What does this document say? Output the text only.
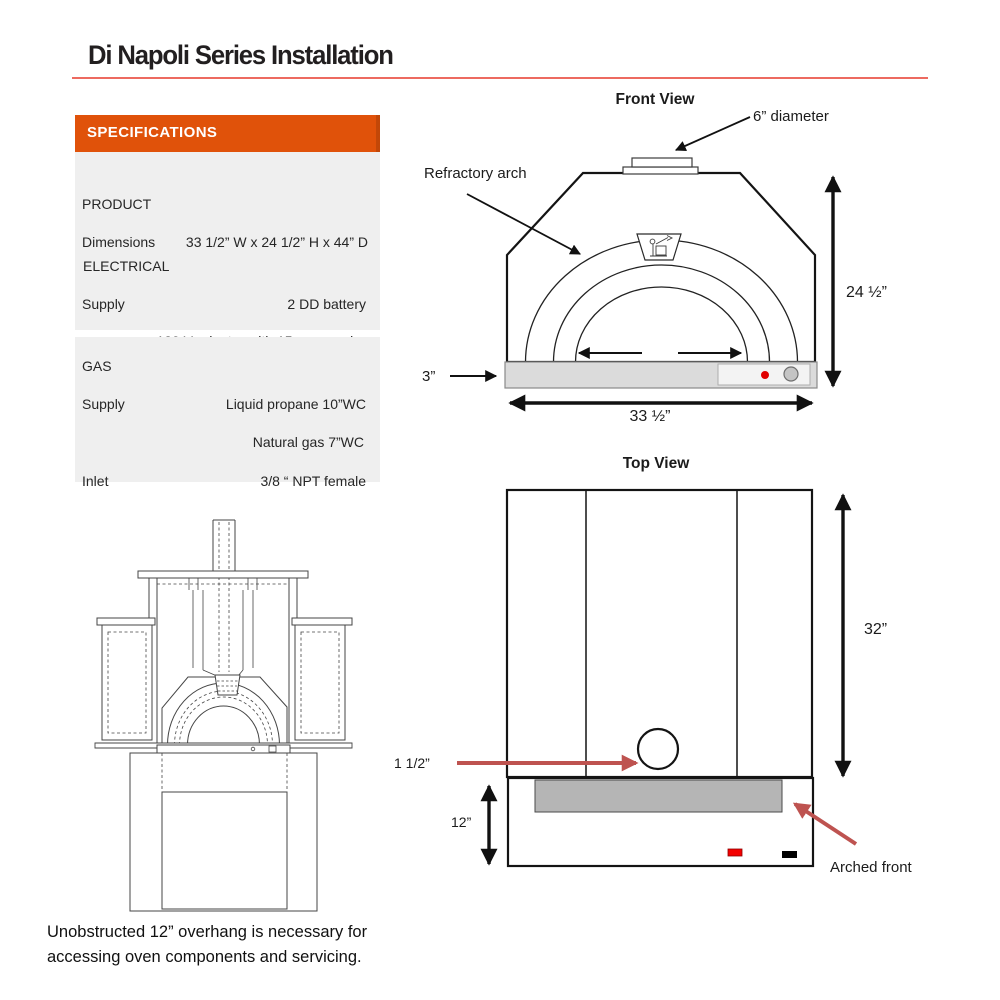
Di Napoli Series Installation
SPECIFICATIONS
PRODUCT
Dimensions	33 1/2” W x 24 1/2” H x 44” D
ELECTRICAL
Supply	2 DD battery
GAS
Supply	Liquid propane 10”WC
Natural gas 7”WC
Inlet	3/8 “ NPT female
Front View
6” diameter
Refractory arch
24 ½”
3”
33 ½”
Top View
32”
1 1/2”
12”
Arched front
Unobstructed 12” overhang is necessary for
accessing oven components and servicing.
